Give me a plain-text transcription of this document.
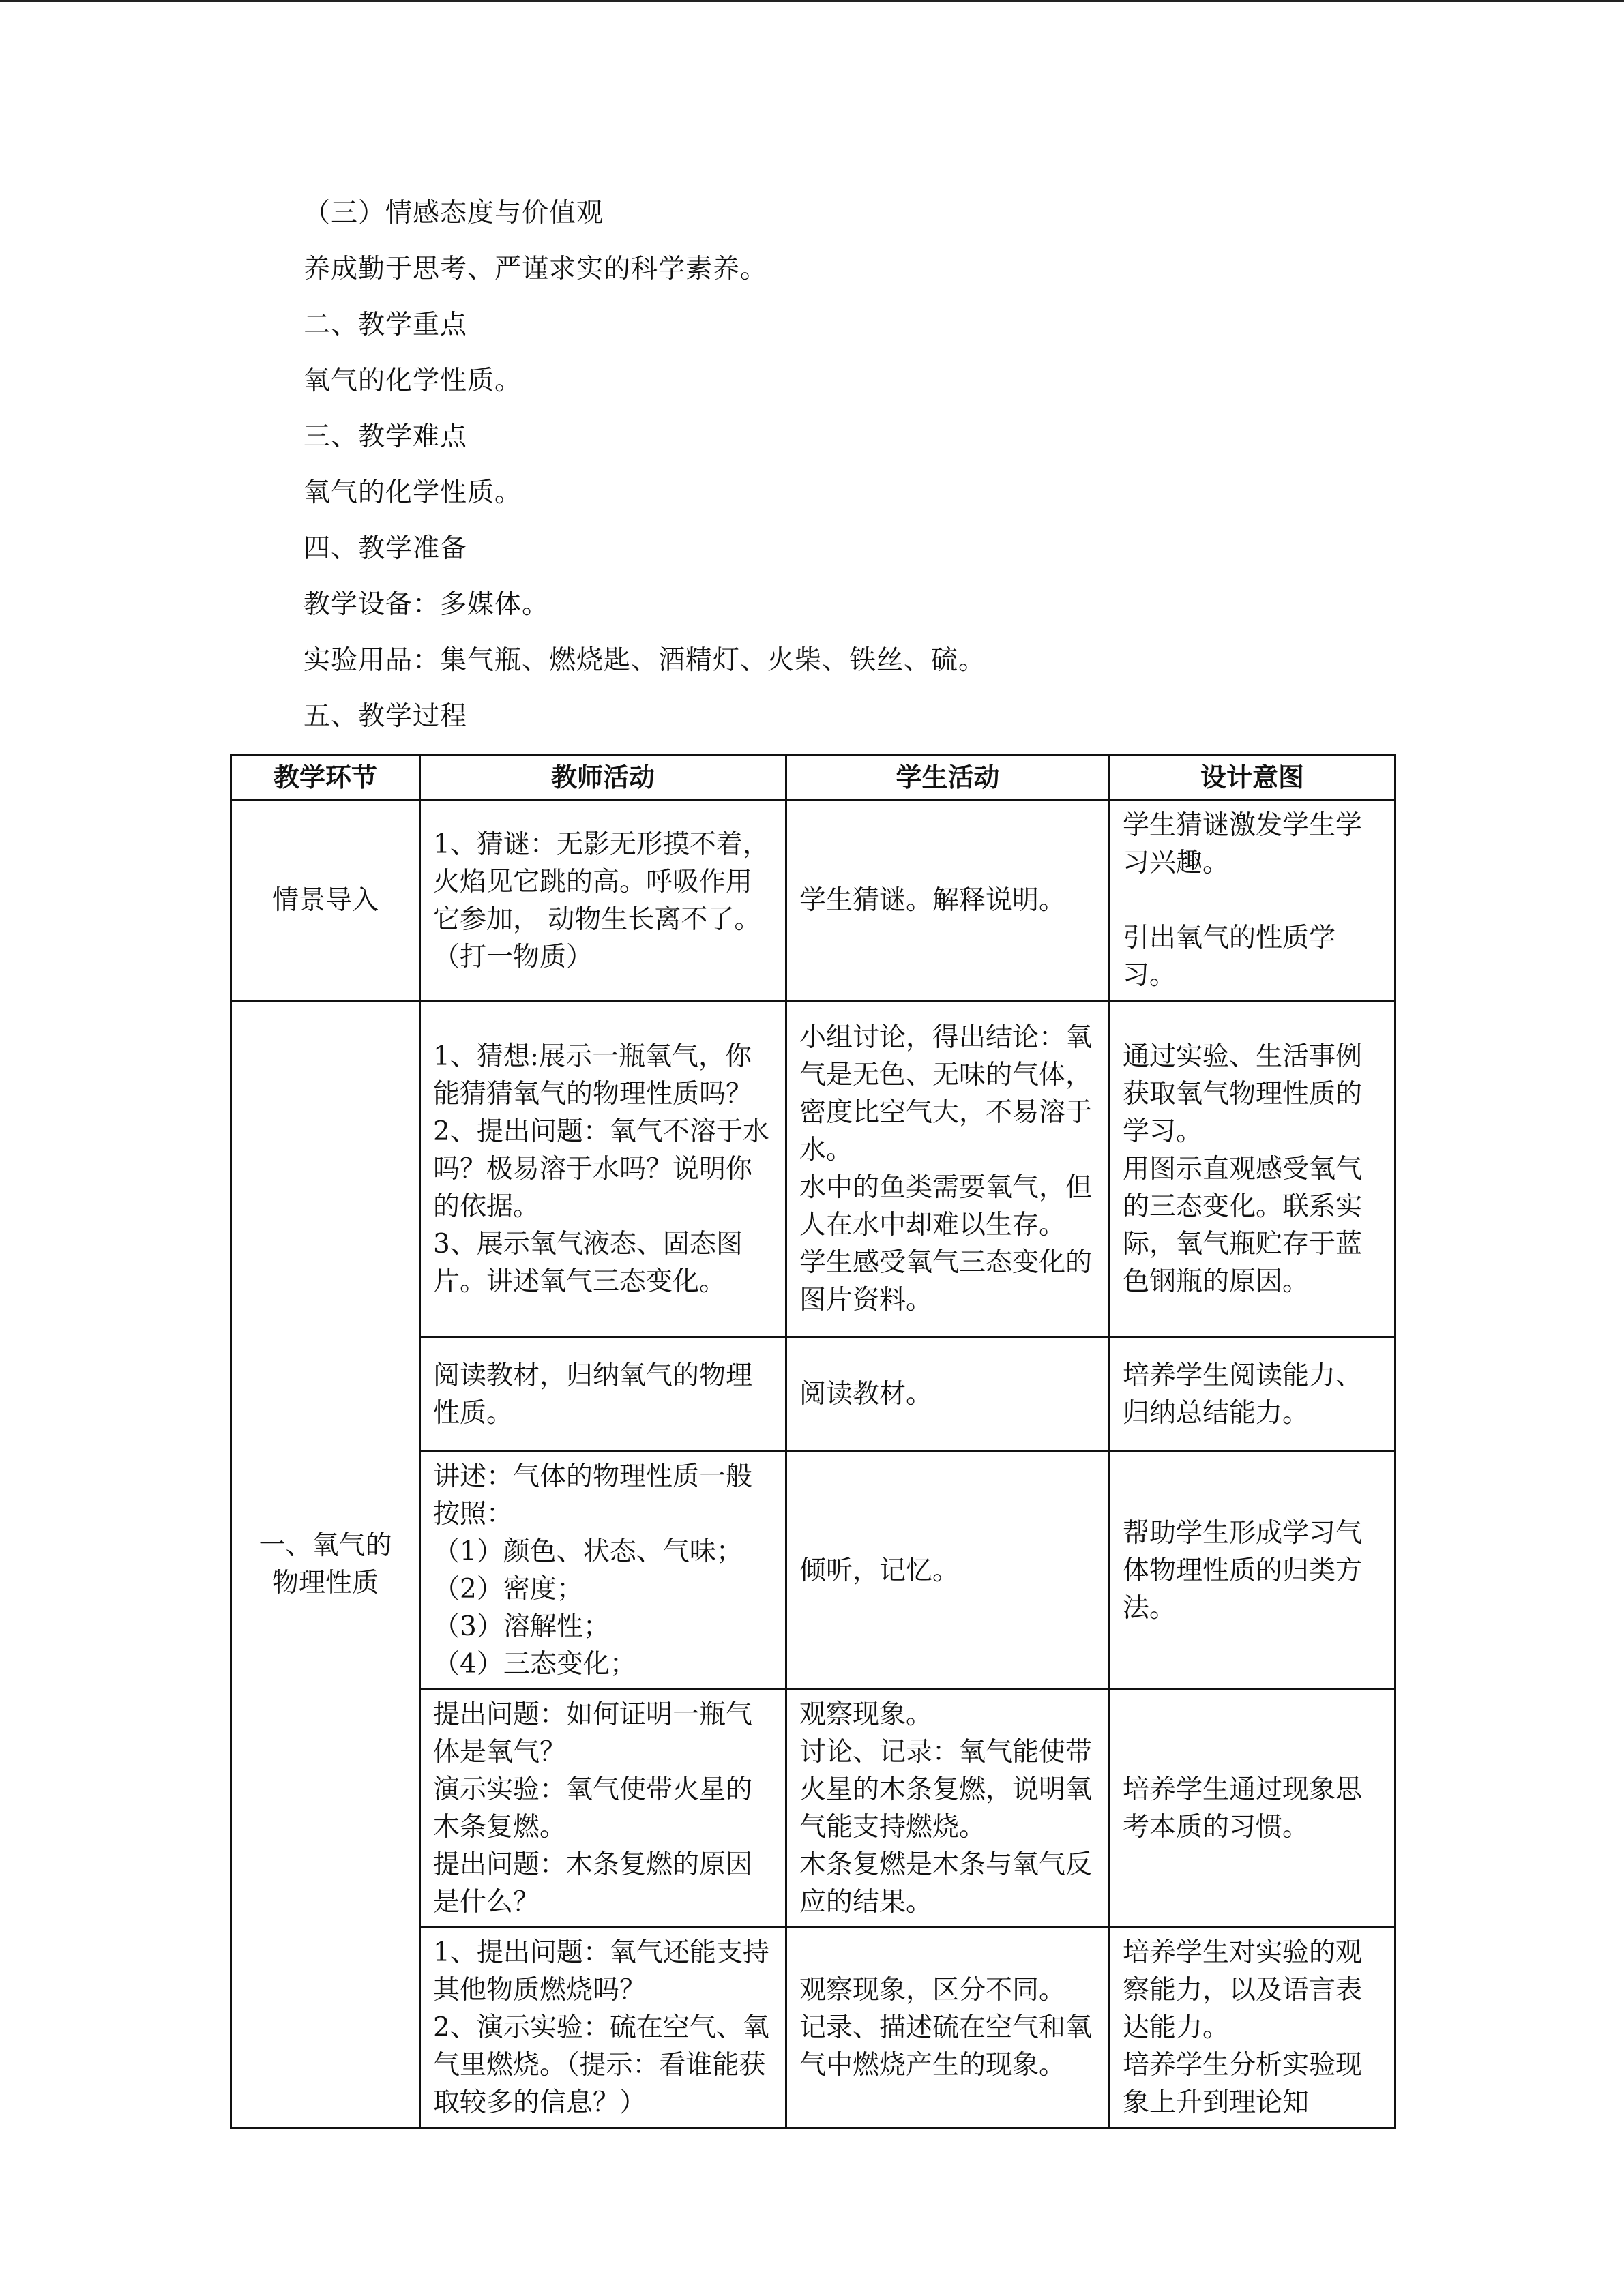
（三）情感态度与价值观
养成勤于思考、严谨求实的科学素养。
二、教学重点
氧气的化学性质。
三、教学难点
氧气的化学性质。
四、教学准备
教学设备：多媒体。
实验用品：集气瓶、燃烧匙、酒精灯、火柴、铁丝、硫。
五、教学过程
教学环节	教师活动	学生活动	设计意图

情景导入	1、猜谜：无影无形摸不着， 火焰见它跳的高。呼吸作用它参加， 动物生长离不了。（打一物质）	学生猜谜。解释说明。	学生猜谜激发学生学习兴趣。
引出氧气的性质学习。

一、氧气的
物理性质	1、猜想:展示一瓶氧气，你能猜猜氧气的物理性质吗？
2、提出问题：氧气不溶于水吗？极易溶于水吗？说明你的依据。
3、展示氧气液态、固态图片。讲述氧气三态变化。	小组讨论，得出结论：氧气是无色、无味的气体，密度比空气大，不易溶于水。
水中的鱼类需要氧气，但人在水中却难以生存。
学生感受氧气三态变化的图片资料。	通过实验、生活事例获取氧气物理性质的学习。
用图示直观感受氧气的三态变化。联系实际，氧气瓶贮存于蓝色钢瓶的原因。

	阅读教材，归纳氧气的物理性质。	阅读教材。	培养学生阅读能力、归纳总结能力。

	讲述：气体的物理性质一般按照：
（1）颜色、状态、气味；
（2）密度；
（3）溶解性；
（4）三态变化；	倾听，记忆。	帮助学生形成学习气体物理性质的归类方法。

	提出问题：如何证明一瓶气体是氧气？
演示实验：氧气使带火星的木条复燃。
提出问题：木条复燃的原因是什么？	观察现象。
讨论、记录：氧气能使带火星的木条复燃，说明氧气能支持燃烧。
木条复燃是木条与氧气反应的结果。	培养学生通过现象思考本质的习惯。

	1、提出问题：氧气还能支持其他物质燃烧吗？
2、演示实验：硫在空气、氧气里燃烧。（提示：看谁能获取较多的信息？）	观察现象，区分不同。
记录、描述硫在空气和氧气中燃烧产生的现象。	培养学生对实验的观察能力，以及语言表达能力。
培养学生分析实验现象上升到理论知
